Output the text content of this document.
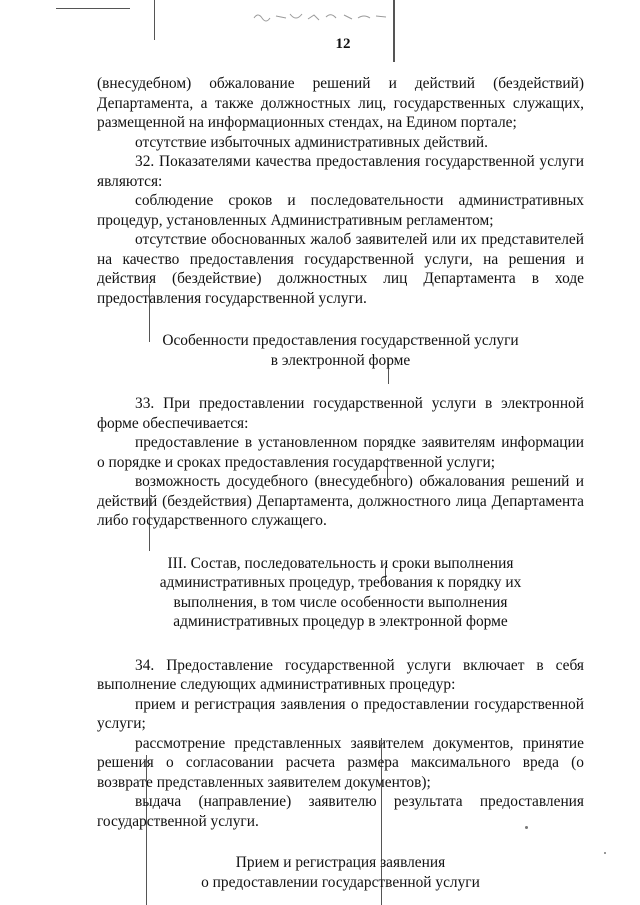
12

(внесудебном) обжалование решений и действий (бездействий) Департамента, а также должностных лиц, государственных служащих, размещенной на информационных стендах, на Едином портале;

отсутствие избыточных административных действий.

32. Показателями качества предоставления государственной услуги являются:

соблюдение сроков и последовательности административных процедур, установленных Административным регламентом;

отсутствие обоснованных жалоб заявителей или их представителей на качество предоставления государственной услуги, на решения и действия (бездействие) должностных лиц Департамента в ходе предоставления государственной услуги.

Особенности предоставления государственной услуги
в электронной форме

33. При предоставлении государственной услуги в электронной форме обеспечивается:

предоставление в установленном порядке заявителям информации о порядке и сроках предоставления государственной услуги;

возможность досудебного (внесудебного) обжалования решений и действий (бездействия) Департамента, должностного лица Департамента либо государственного служащего.

III. Состав, последовательность и сроки выполнения
административных процедур, требования к порядку их
выполнения, в том числе особенности выполнения
административных процедур в электронной форме

34. Предоставление государственной услуги включает в себя выполнение следующих административных процедур:

прием и регистрация заявления о предоставлении государственной услуги;

рассмотрение представленных заявителем документов, принятие решения о согласовании расчета размера максимального вреда (о возврате представленных заявителем документов);

выдача (направление) заявителю результата предоставления государственной услуги.

Прием и регистрация заявления
о предоставлении государственной услуги
